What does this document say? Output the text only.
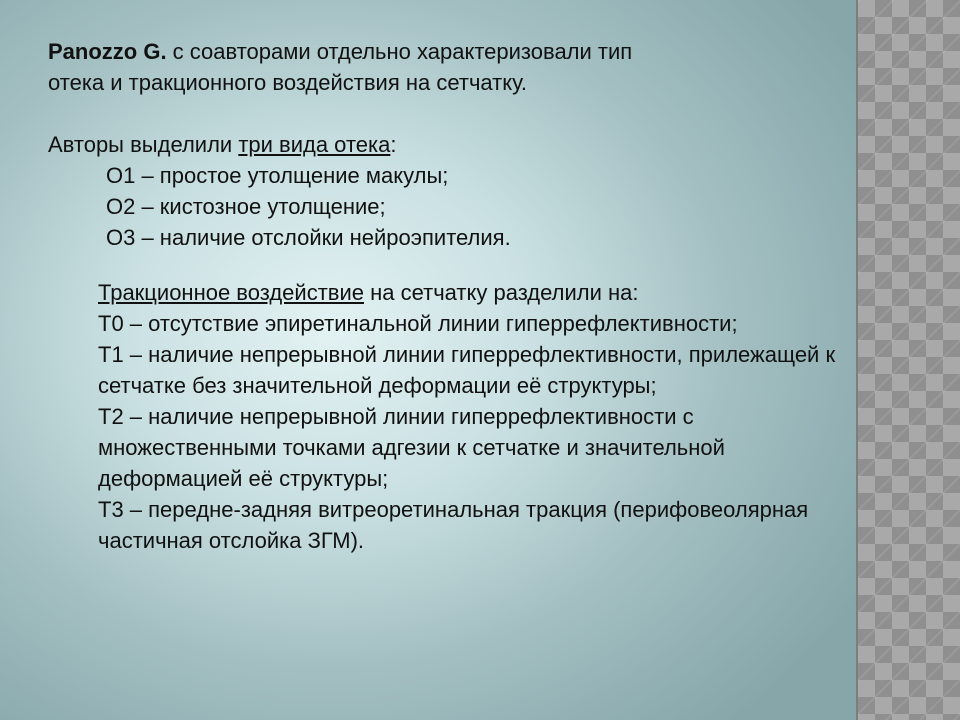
Panozzo G. с соавторами отдельно характеризовали тип
отека и тракционного воздействия на сетчатку.

Авторы выделили три вида отека:

О1 – простое утолщение макулы;

О2 – кистозное утолщение;

О3 – наличие отслойки нейроэпителия.

Тракционное воздействие на сетчатку разделили на:

Т0 – отсутствие эпиретинальной линии гиперрефлективности;

Т1 – наличие непрерывной линии гиперрефлективности, прилежащей к сетчатке без значительной деформации её структуры;

Т2 – наличие непрерывной линии гиперрефлективности с множественными точками адгезии к сетчатке и значительной деформацией её структуры;

Т3 – передне-задняя витреоретинальная тракция (перифовеолярная частичная отслойка ЗГМ).
